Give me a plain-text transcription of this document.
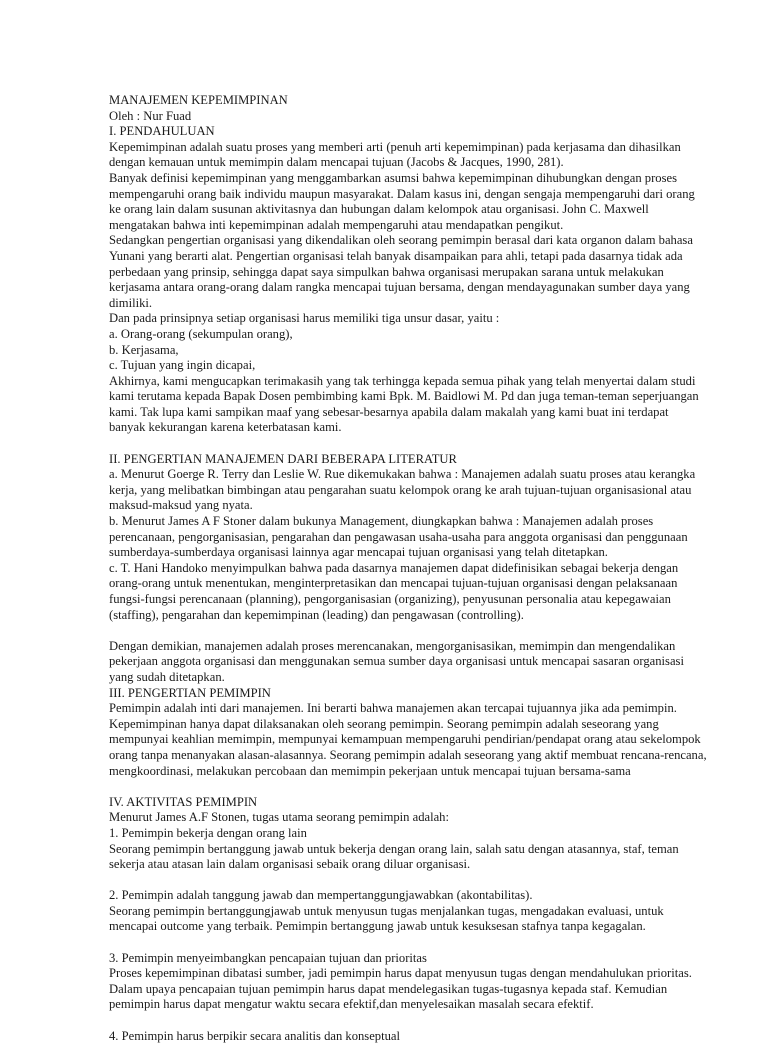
MANAJEMEN KEPEMIMPINAN

Oleh : Nur Fuad

I. PENDAHULUAN

Kepemimpinan adalah suatu proses yang memberi arti (penuh arti kepemimpinan) pada kerjasama dan dihasilkan dengan kemauan untuk memimpin dalam mencapai tujuan (Jacobs & Jacques, 1990, 281).

Banyak definisi kepemimpinan yang menggambarkan asumsi bahwa kepemimpinan dihubungkan dengan proses mempengaruhi orang baik individu maupun masyarakat. Dalam kasus ini, dengan sengaja mempengaruhi dari orang ke orang lain dalam susunan aktivitasnya dan hubungan dalam kelompok atau organisasi. John C. Maxwell mengatakan bahwa inti kepemimpinan adalah mempengaruhi atau mendapatkan pengikut.

Sedangkan pengertian organisasi yang dikendalikan oleh seorang pemimpin berasal dari kata organon dalam bahasa Yunani yang berarti alat. Pengertian organisasi telah banyak disampaikan para ahli, tetapi pada dasarnya tidak ada perbedaan yang prinsip, sehingga dapat saya simpulkan bahwa organisasi merupakan sarana untuk melakukan kerjasama antara orang-orang dalam rangka mencapai tujuan bersama, dengan mendayagunakan sumber daya yang dimiliki.

Dan pada prinsipnya setiap organisasi harus memiliki tiga unsur dasar, yaitu :

a. Orang-orang (sekumpulan orang),

b. Kerjasama,

c. Tujuan yang ingin dicapai,

Akhirnya, kami mengucapkan terimakasih yang tak terhingga kepada semua pihak yang telah menyertai dalam studi kami terutama kepada Bapak Dosen pembimbing kami Bpk. M. Baidlowi M. Pd dan juga teman-teman seperjuangan kami. Tak lupa kami sampikan maaf yang sebesar-besarnya apabila dalam makalah yang kami buat ini terdapat banyak kekurangan karena keterbatasan kami.

II. PENGERTIAN MANAJEMEN DARI BEBERAPA LITERATUR

a. Menurut Goerge R. Terry dan Leslie W. Rue dikemukakan bahwa : Manajemen adalah suatu proses atau kerangka kerja, yang melibatkan bimbingan atau pengarahan suatu kelompok orang ke arah tujuan-tujuan organisasional atau maksud-maksud yang nyata.

b. Menurut James A F Stoner dalam bukunya Management, diungkapkan bahwa : Manajemen adalah proses perencanaan, pengorganisasian, pengarahan dan pengawasan usaha-usaha para anggota organisasi dan penggunaan sumberdaya-sumberdaya organisasi lainnya agar mencapai tujuan organisasi yang telah ditetapkan.

c. T. Hani Handoko menyimpulkan bahwa pada dasarnya manajemen dapat didefinisikan sebagai bekerja dengan orang-orang untuk menentukan, menginterpretasikan dan mencapai tujuan-tujuan organisasi dengan pelaksanaan fungsi-fungsi perencanaan (planning), pengorganisasian (organizing), penyusunan personalia atau kepegawaian (staffing), pengarahan dan kepemimpinan (leading) dan pengawasan (controlling).

Dengan demikian, manajemen adalah proses merencanakan, mengorganisasikan, memimpin dan mengendalikan pekerjaan anggota organisasi dan menggunakan semua sumber daya organisasi untuk mencapai sasaran organisasi yang sudah ditetapkan.

III. PENGERTIAN PEMIMPIN

Pemimpin adalah inti dari manajemen. Ini berarti bahwa manajemen akan tercapai tujuannya jika ada pemimpin. Kepemimpinan hanya dapat dilaksanakan oleh seorang pemimpin. Seorang pemimpin adalah seseorang yang mempunyai keahlian memimpin, mempunyai kemampuan mempengaruhi pendirian/pendapat orang atau sekelompok orang tanpa menanyakan alasan-alasannya. Seorang pemimpin adalah seseorang yang aktif membuat rencana-rencana, mengkoordinasi, melakukan percobaan dan memimpin pekerjaan untuk mencapai tujuan bersama-sama

IV. AKTIVITAS PEMIMPIN

Menurut James A.F Stonen, tugas utama seorang pemimpin adalah:

1. Pemimpin bekerja dengan orang lain

Seorang pemimpin bertanggung jawab untuk bekerja dengan orang lain, salah satu dengan atasannya, staf, teman sekerja atau atasan lain dalam organisasi sebaik orang diluar organisasi.

2. Pemimpin adalah tanggung jawab dan mempertanggungjawabkan (akontabilitas).

Seorang pemimpin bertanggungjawab untuk menyusun tugas menjalankan tugas, mengadakan evaluasi, untuk mencapai outcome yang terbaik. Pemimpin bertanggung jawab untuk kesuksesan stafnya tanpa kegagalan.

3. Pemimpin menyeimbangkan pencapaian tujuan dan prioritas

Proses kepemimpinan dibatasi sumber, jadi pemimpin harus dapat menyusun tugas dengan mendahulukan prioritas. Dalam upaya pencapaian tujuan pemimpin harus dapat mendelegasikan tugas-tugasnya kepada staf. Kemudian pemimpin harus dapat mengatur waktu secara efektif,dan menyelesaikan masalah secara efektif.

4. Pemimpin harus berpikir secara analitis dan konseptual
